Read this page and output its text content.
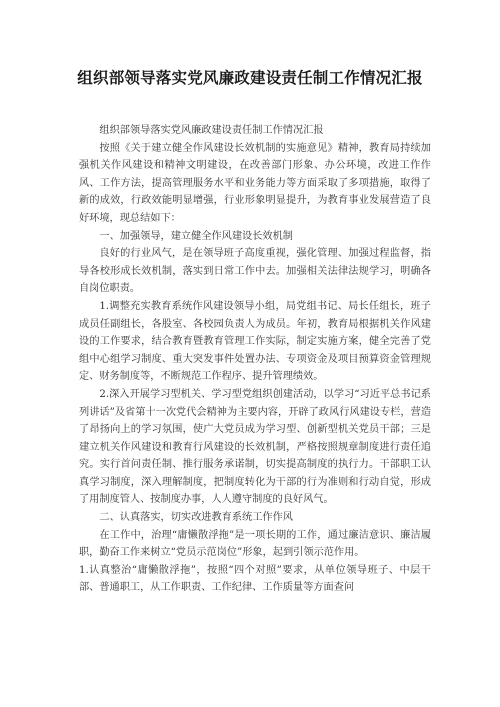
组织部领导落实党风廉政建设责任制工作情况汇报

组织部领导落实党风廉政建设责任制工作情况汇报

按照《关于建立健全作风建设长效机制的实施意见》精神，教育局持续加强机关作风建设和精神文明建设，在改善部门形象、办公环境，改进工作作风、工作方法，提高管理服务水平和业务能力等方面采取了多项措施，取得了新的成效，行政效能明显增强，行业形象明显提升，为教育事业发展营造了良好环境，现总结如下：

一、加强领导，建立健全作风建设长效机制

良好的行业风气，是在领导班子高度重视，强化管理、加强过程监督，指导各校形成长效机制，落实到日常工作中去。加强相关法律法规学习，明确各自岗位职责。

1.调整充实教育系统作风建设领导小组，局党组书记、局长任组长，班子成员任副组长，各股室、各校园负责人为成员。年初，教育局根据机关作风建设的工作要求，结合教育暨教育管理工作实际，制定实施方案，健全完善了党组中心组学习制度、重大突发事件处置办法、专项资金及项目预算资金管理规定、财务制度等，不断规范工作程序、提升管理绩效。

2.深入开展学习型机关、学习型党组织创建活动，以学习“习近平总书记系列讲话”及省第十一次党代会精神为主要内容，开辟了政风行风建设专栏，营造了昂扬向上的学习氛围，使广大党员成为学习型、创新型机关党员干部；三是建立机关作风建设和教育行风建设的长效机制，严格按照规章制度进行责任追究。实行首问责任制、推行服务承诺制，切实提高制度的执行力。干部职工认真学习制度，深入理解制度，把制度转化为干部的行为准则和行动自觉，形成了用制度管人、按制度办事，人人遵守制度的良好风气。

二、认真落实，切实改进教育系统工作作风

在工作中，治理“庸懒散浮拖”是一项长期的工作，通过廉洁意识、廉洁履职，勤奋工作来树立“党员示范岗位”形象，起到引领示范作用。

1.认真整治“庸懒散浮拖”，按照“四个对照”要求，从单位领导班子、中层干部、普通职工，从工作职责、工作纪律、工作质量等方面查问
